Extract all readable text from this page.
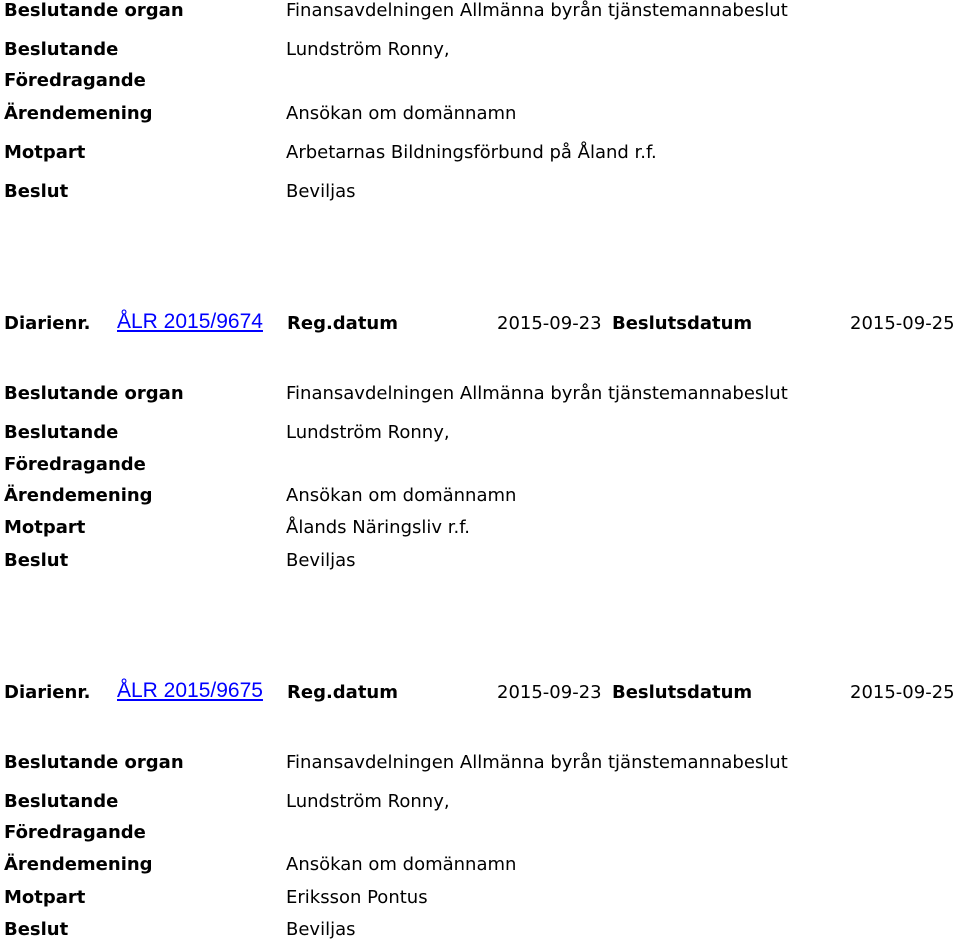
Beslutande organ	Finansavdelningen Allmänna byrån tjänstemannabeslut
Beslutande	Lundström Ronny,
Föredragande
Ärendemening	Ansökan om domännamn
Motpart	Arbetarnas Bildningsförbund på Åland r.f.
Beslut	Beviljas
Diarienr. ÅLR 2015/9674 Reg.datum	2015-09-23 Beslutsdatum	2015-09-25
Beslutande organ	Finansavdelningen Allmänna byrån tjänstemannabeslut
Beslutande	Lundström Ronny,
Föredragande
Ärendemening	Ansökan om domännamn
Motpart	Ålands Näringsliv r.f.
Beslut	Beviljas
Diarienr. ÅLR 2015/9675 Reg.datum	2015-09-23 Beslutsdatum	2015-09-25
Beslutande organ	Finansavdelningen Allmänna byrån tjänstemannabeslut
Beslutande	Lundström Ronny,
Föredragande
Ärendemening	Ansökan om domännamn
Motpart	Eriksson Pontus
Beslut	Beviljas
